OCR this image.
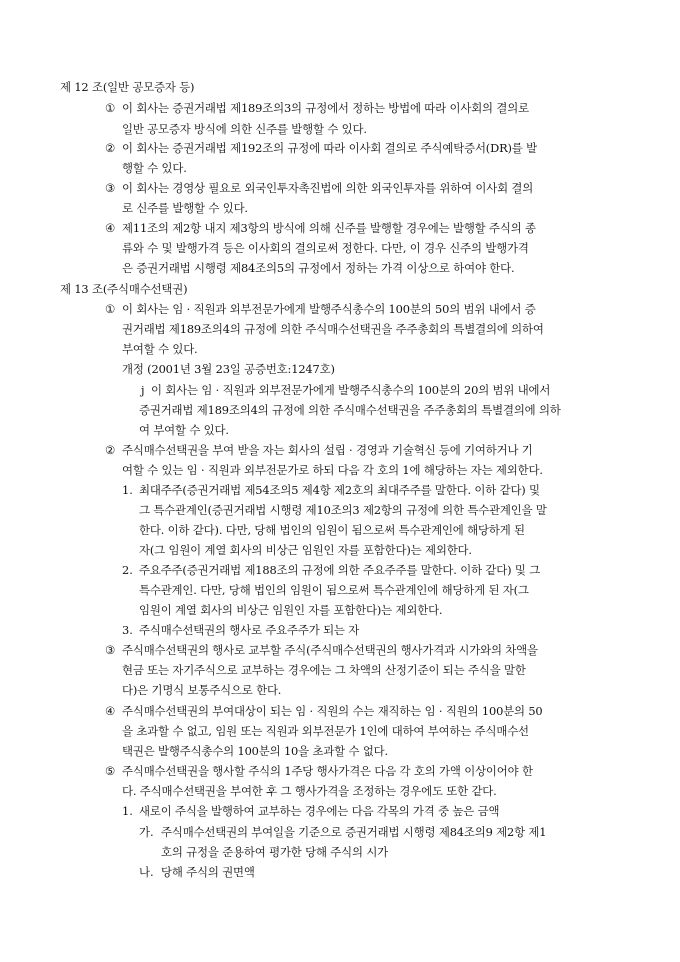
제 12 조(일반 공모증자 등)
① 이 회사는 증권거래법 제189조의3의 규정에서 정하는 방법에 따라 이사회의 결의로
일반 공모증자 방식에 의한 신주를 발행할 수 있다.
② 이 회사는 증권거래법 제192조의 규정에 따라 이사회 결의로 주식예탁증서(DR)를 발
행할 수 있다.
③ 이 회사는 경영상 필요로 외국인투자촉진법에 의한 외국인투자를 위하여 이사회 결의
로 신주를 발행할 수 있다.
④ 제11조의 제2항 내지 제3항의 방식에 의해 신주를 발행할 경우에는 발행할 주식의 종
류와 수 및 발행가격 등은 이사회의 결의로써 정한다. 다만, 이 경우 신주의 발행가격
은 증권거래법 시행령 제84조의5의 규정에서 정하는 가격 이상으로 하여야 한다.
제 13 조(주식매수선택권)
① 이 회사는 임 · 직원과 외부전문가에게 발행주식총수의 100분의 50의 범위 내에서 증
권거래법 제189조의4의 규정에 의한 주식매수선택권을 주주총회의 특별결의에 의하여
부여할 수 있다.
개정 (2001년 3월 23일 공증번호:1247호)
j 이 회사는 임 · 직원과 외부전문가에게 발행주식총수의 100분의 20의 범위 내에서
증권거래법 제189조의4의 규정에 의한 주식매수선택권을 주주총회의 특별결의에 의하
여 부여할 수 있다.
② 주식매수선택권을 부여 받을 자는 회사의 설립 · 경영과 기술혁신 등에 기여하거나 기
여할 수 있는 임 · 직원과 외부전문가로 하되 다음 각 호의 1에 해당하는 자는 제외한다.
1. 최대주주(증권거래법 제54조의5 제4항 제2호의 최대주주를 말한다. 이하 같다) 및
그 특수관계인(증권거래법 시행령 제10조의3 제2항의 규정에 의한 특수관계인을 말
한다. 이하 같다). 다만, 당해 법인의 임원이 됨으로써 특수관계인에 해당하게 된
자(그 임원이 계열 회사의 비상근 임원인 자를 포함한다)는 제외한다.
2. 주요주주(증권거래법 제188조의 규정에 의한 주요주주를 말한다. 이하 같다) 및 그
특수관계인. 다만, 당해 법인의 임원이 됨으로써 특수관계인에 해당하게 된 자(그
임원이 계열 회사의 비상근 임원인 자를 포함한다)는 제외한다.
3. 주식매수선택권의 행사로 주요주주가 되는 자
③ 주식매수선택권의 행사로 교부할 주식(주식매수선택권의 행사가격과 시가와의 차액을
현금 또는 자기주식으로 교부하는 경우에는 그 차액의 산정기준이 되는 주식을 말한
다)은 기명식 보통주식으로 한다.
④ 주식매수선택권의 부여대상이 되는 임 · 직원의 수는 재직하는 임 · 직원의 100분의 50
을 초과할 수 없고, 임원 또는 직원과 외부전문가 1인에 대하여 부여하는 주식매수선
택권은 발행주식총수의 100분의 10을 초과할 수 없다.
⑤ 주식매수선택권을 행사할 주식의 1주당 행사가격은 다음 각 호의 가액 이상이어야 한
다. 주식매수선택권을 부여한 후 그 행사가격을 조정하는 경우에도 또한 같다.
1. 새로이 주식을 발행하여 교부하는 경우에는 다음 각목의 가격 중 높은 금액
가. 주식매수선택권의 부여일을 기준으로 증권거래법 시행령 제84조의9 제2항 제1
호의 규정을 준용하여 평가한 당해 주식의 시가
나. 당해 주식의 권면액
